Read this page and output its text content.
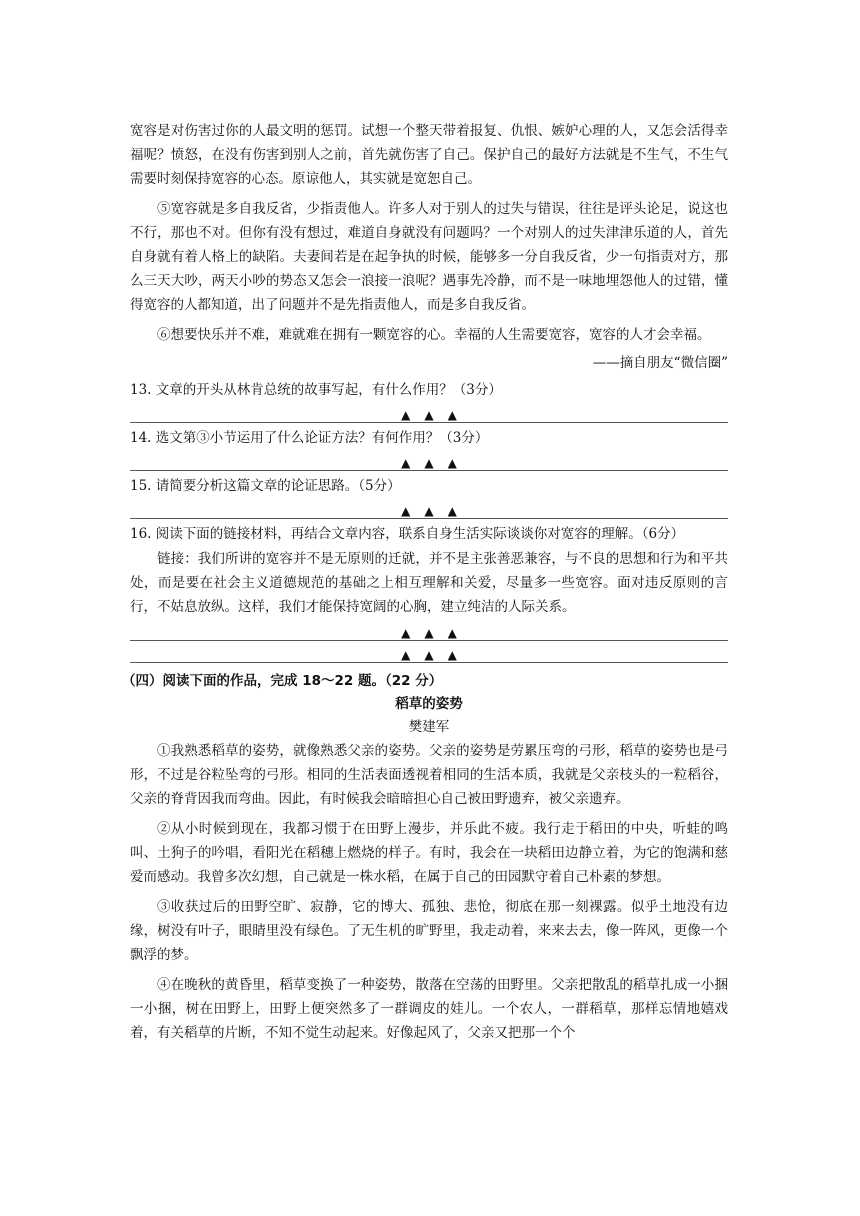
宽容是对伤害过你的人最文明的惩罚。试想一个整天带着报复、仇恨、嫉妒心理的人，又怎会活得幸福呢？愤怒，在没有伤害到别人之前，首先就伤害了自己。保护自己的最好方法就是不生气，不生气需要时刻保持宽容的心态。原谅他人，其实就是宽恕自己。

⑤宽容就是多自我反省，少指责他人。许多人对于别人的过失与错误，往往是评头论足，说这也不行，那也不对。但你有没有想过，难道自身就没有问题吗？一个对别人的过失津津乐道的人，首先自身就有着人格上的缺陷。夫妻间若是在起争执的时候，能够多一分自我反省，少一句指责对方，那么三天大吵，两天小吵的势态又怎会一浪接一浪呢？遇事先冷静，而不是一味地埋怨他人的过错，懂得宽容的人都知道，出了问题并不是先指责他人，而是多自我反省。

⑥想要快乐并不难，难就难在拥有一颗宽容的心。幸福的人生需要宽容，宽容的人才会幸福。

——摘自朋友“微信圈”

13. 文章的开头从林肯总统的故事写起，有什么作用？（3分）

▲ ▲ ▲

14. 选文第③小节运用了什么论证方法？有何作用？（3分）

▲ ▲ ▲

15. 请简要分析这篇文章的论证思路。（5分）

▲ ▲ ▲

16. 阅读下面的链接材料，再结合文章内容，联系自身生活实际谈谈你对宽容的理解。（6分）

链接：我们所讲的宽容并不是无原则的迁就，并不是主张善恶兼容，与不良的思想和行为和平共处，而是要在社会主义道德规范的基础之上相互理解和关爱，尽量多一些宽容。面对违反原则的言行，不姑息放纵。这样，我们才能保持宽阔的心胸，建立纯洁的人际关系。

▲ ▲ ▲
▲ ▲ ▲

（四）阅读下面的作品，完成 18～22 题。（22 分）

稻草的姿势

樊建军

①我熟悉稻草的姿势，就像熟悉父亲的姿势。父亲的姿势是劳累压弯的弓形，稻草的姿势也是弓形，不过是谷粒坠弯的弓形。相同的生活表面透视着相同的生活本质，我就是父亲枝头的一粒稻谷，父亲的脊背因我而弯曲。因此，有时候我会暗暗担心自己被田野遗弃，被父亲遗弃。

②从小时候到现在，我都习惯于在田野上漫步，并乐此不疲。我行走于稻田的中央，听蛙的鸣叫、土狗子的吟唱，看阳光在稻穗上燃烧的样子。有时，我会在一块稻田边静立着，为它的饱满和慈爱而感动。我曾多次幻想，自己就是一株水稻，在属于自己的田园默守着自己朴素的梦想。

③收获过后的田野空旷、寂静，它的博大、孤独、悲怆，彻底在那一刻裸露。似乎土地没有边缘，树没有叶子，眼睛里没有绿色。了无生机的旷野里，我走动着，来来去去，像一阵风，更像一个飘浮的梦。

④在晚秋的黄昏里，稻草变换了一种姿势，散落在空荡的田野里。父亲把散乱的稻草扎成一小捆一小捆，树在田野上，田野上便突然多了一群调皮的娃儿。一个农人，一群稻草，那样忘情地嬉戏着，有关稻草的片断，不知不觉生动起来。好像起风了，父亲又把那一个个
